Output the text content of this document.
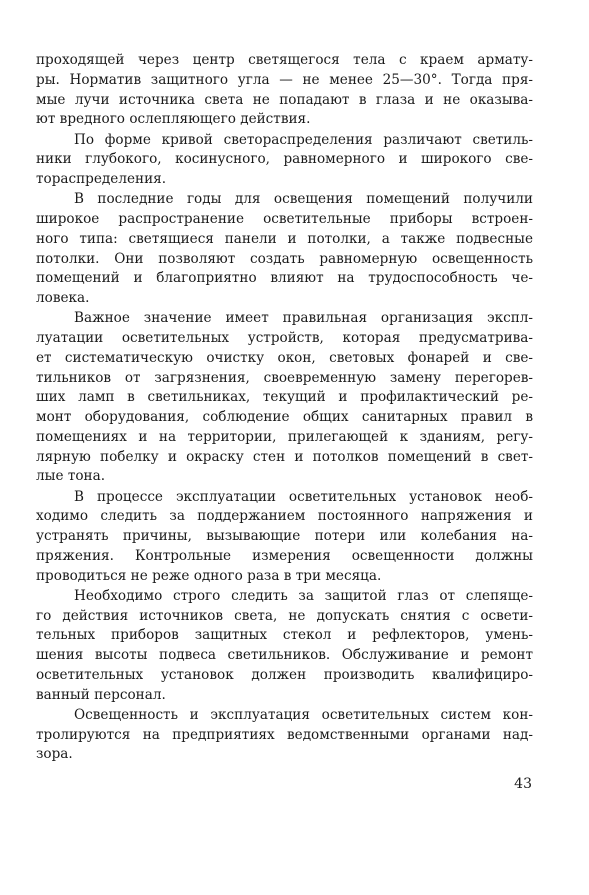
проходящей через центр светящегося тела с краем армату-
ры. Норматив защитного угла — не менее 25—30°. Тогда пря-
мые лучи источника света не попадают в глаза и не оказыва-
ют вредного ослепляющего действия.
По форме кривой светораспределения различают светиль-
ники глубокого, косинусного, равномерного и широкого све-
тораспределения.
В последние годы для освещения помещений получили
широкое распространение осветительные приборы встроен-
ного типа: светящиеся панели и потолки, а также подвесные
потолки. Они позволяют создать равномерную освещенность
помещений и благоприятно влияют на трудоспособность че-
ловека.
Важное значение имеет правильная организация экспл-
луатации осветительных устройств, которая предусматрива-
ет систематическую очистку окон, световых фонарей и све-
тильников от загрязнения, своевременную замену перегорев-
ших ламп в светильниках, текущий и профилактический ре-
монт оборудования, соблюдение общих санитарных правил в
помещениях и на территории, прилегающей к зданиям, регу-
лярную побелку и окраску стен и потолков помещений в свет-
лые тона.
В процессе эксплуатации осветительных установок необ-
ходимо следить за поддержанием постоянного напряжения и
устранять причины, вызывающие потери или колебания на-
пряжения. Контрольные измерения освещенности должны
проводиться не реже одного раза в три месяца.
Необходимо строго следить за защитой глаз от слепяще-
го действия источников света, не допускать снятия с освети-
тельных приборов защитных стекол и рефлекторов, умень-
шения высоты подвеса светильников. Обслуживание и ремонт
осветительных установок должен производить квалифициро-
ванный персонал.
Освещенность и эксплуатация осветительных систем кон-
тролируются на предприятиях ведомственными органами над-
зора.
43
